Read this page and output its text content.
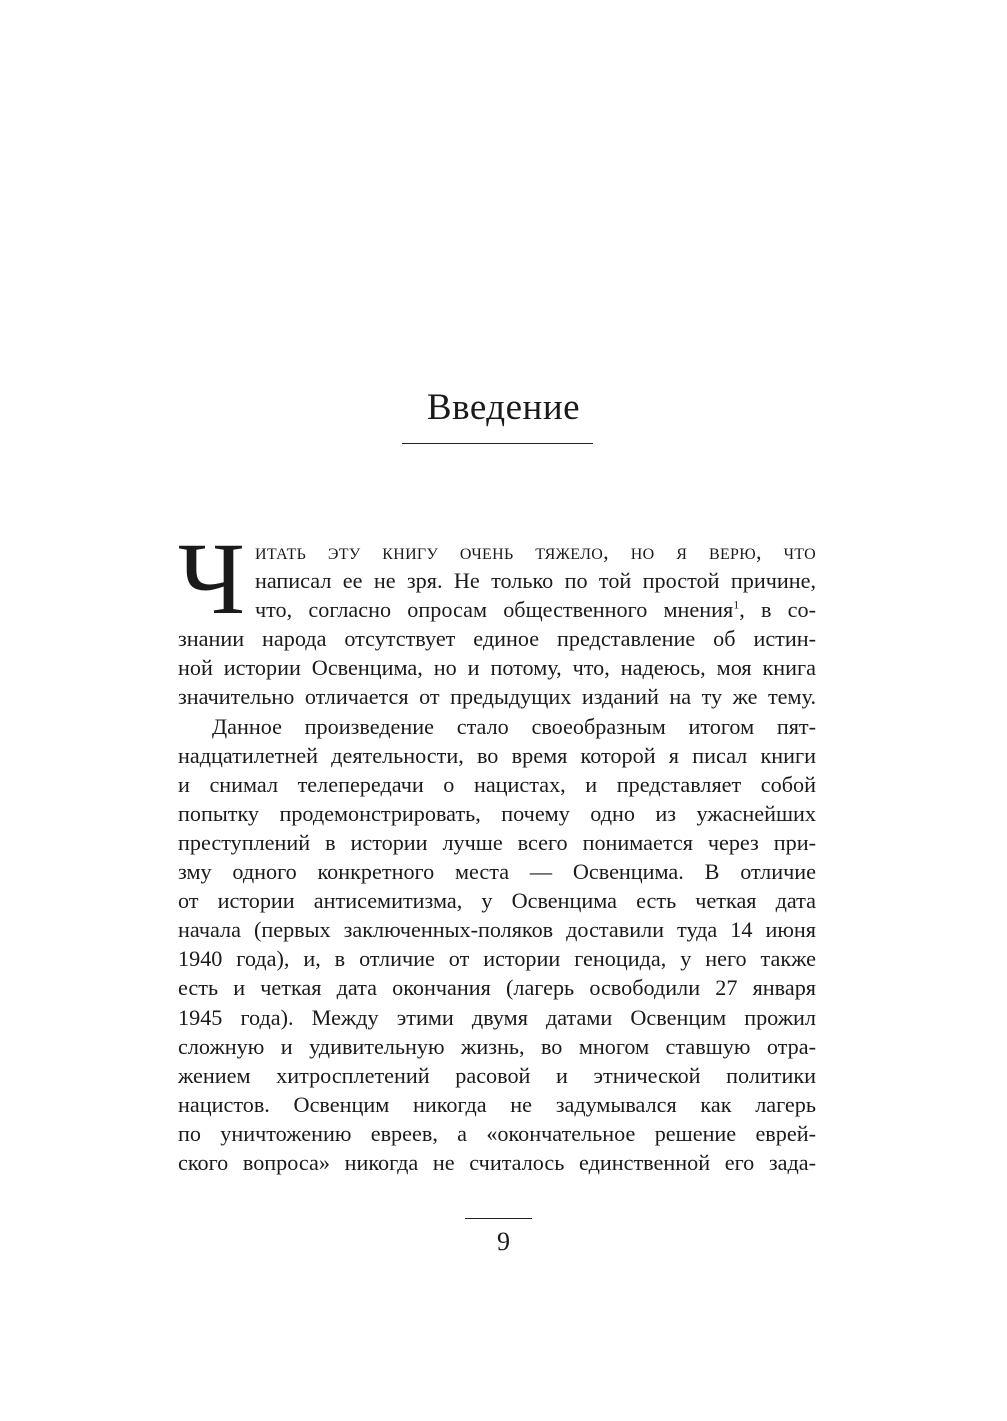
Введение
Ч итать эту книгу очень тяжело, но я верю, что
написал ее не зря. Не только по той простой причине,
что, согласно опросам общественного мнения$^1$, в со-
знании народа отсутствует единое представление об истин-
ной истории Освенцима, но и потому, что, надеюсь, моя книга
значительно отличается от предыдущих изданий на ту же тему.
Данное произведение стало своеобразным итогом пят-
надцатилетней деятельности, во время которой я писал книги
и снимал телепередачи о нацистах, и представляет собой
попытку продемонстрировать, почему одно из ужаснейших
преступлений в истории лучше всего понимается через при-
зму одного конкретного места — Освенцима. В отличие
от истории антисемитизма, у Освенцима есть четкая дата
начала (первых заключенных-поляков доставили туда 14 июня
1940 года), и, в отличие от истории геноцида, у него также
есть и четкая дата окончания (лагерь освободили 27 января
1945 года). Между этими двумя датами Освенцим прожил
сложную и удивительную жизнь, во многом ставшую отра-
жением хитросплетений расовой и этнической политики
нацистов. Освенцим никогда не задумывался как лагерь
по уничтожению евреев, а «окончательное решение еврей-
ского вопроса» никогда не считалось единственной его зада-
9
